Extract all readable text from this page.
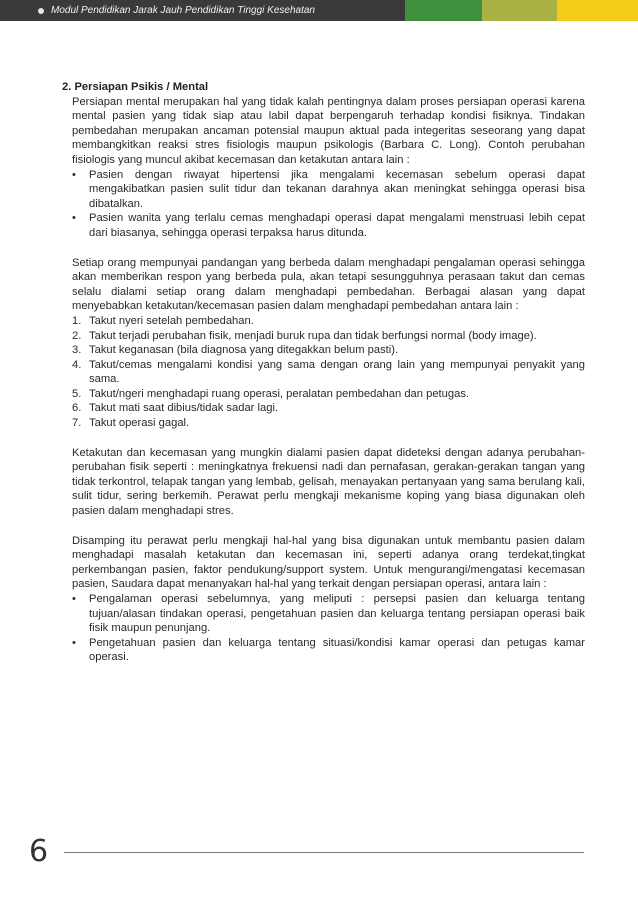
Modul Pendidikan Jarak Jauh Pendidikan Tinggi Kesehatan
2. Persiapan Psikis / Mental

Persiapan mental merupakan hal yang tidak kalah pentingnya dalam proses persiapan operasi karena mental pasien yang tidak siap atau labil dapat berpengaruh terhadap kondisi fisiknya. Tindakan pembedahan merupakan ancaman potensial maupun aktual pada integeritas seseorang yang dapat membangkitkan reaksi stres fisiologis maupun psikologis (Barbara C. Long). Contoh perubahan fisiologis yang muncul akibat kecemasan dan ketakutan antara lain :

• Pasien dengan riwayat hipertensi jika mengalami kecemasan sebelum operasi dapat mengakibatkan pasien sulit tidur dan tekanan darahnya akan meningkat sehingga operasi bisa dibatalkan.
• Pasien wanita yang terlalu cemas menghadapi operasi dapat mengalami menstruasi lebih cepat dari biasanya, sehingga operasi terpaksa harus ditunda.

Setiap orang mempunyai pandangan yang berbeda dalam menghadapi pengalaman operasi sehingga akan memberikan respon yang berbeda pula, akan tetapi sesungguhnya perasaan takut dan cemas selalu dialami setiap orang dalam menghadapi pembedahan. Berbagai alasan yang dapat menyebabkan ketakutan/kecemasan pasien dalam menghadapi pembedahan antara lain :

1. Takut nyeri setelah pembedahan.
2. Takut terjadi perubahan fisik, menjadi buruk rupa dan tidak berfungsi normal (body image).
3. Takut keganasan (bila diagnosa yang ditegakkan belum pasti).
4. Takut/cemas mengalami kondisi yang sama dengan orang lain yang mempunyai penyakit yang sama.
5. Takut/ngeri menghadapi ruang operasi, peralatan pembedahan dan petugas.
6. Takut mati saat dibius/tidak sadar lagi.
7. Takut operasi gagal.

Ketakutan dan kecemasan yang mungkin dialami pasien dapat dideteksi dengan adanya perubahan-perubahan fisik seperti : meningkatnya frekuensi nadi dan pernafasan, gerakan-gerakan tangan yang tidak terkontrol, telapak tangan yang lembab, gelisah, menayakan pertanyaan yang sama berulang kali, sulit tidur, sering berkemih. Perawat perlu mengkaji mekanisme koping yang biasa digunakan oleh pasien dalam menghadapi stres.

Disamping itu perawat perlu mengkaji hal-hal yang bisa digunakan untuk membantu pasien dalam menghadapi masalah ketakutan dan kecemasan ini, seperti adanya orang terdekat,tingkat perkembangan pasien, faktor pendukung/support system. Untuk mengurangi/mengatasi kecemasan pasien, Saudara dapat menanyakan hal-hal yang terkait dengan persiapan operasi, antara lain :

• Pengalaman operasi sebelumnya, yang meliputi : persepsi pasien dan keluarga tentang tujuan/alasan tindakan operasi, pengetahuan pasien dan keluarga tentang persiapan operasi baik fisik maupun penunjang.
• Pengetahuan pasien dan keluarga tentang situasi/kondisi kamar operasi dan petugas kamar operasi.
6
